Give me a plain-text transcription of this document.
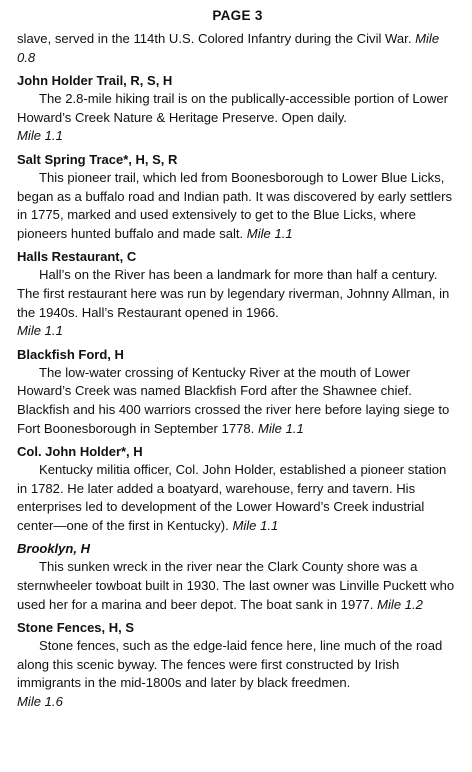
PAGE 3

slave, served in the 114th U.S. Colored Infantry during the Civil War. Mile 0.8

John Holder Trail, R, S, H

The 2.8-mile hiking trail is on the publically-accessible portion of Lower Howard’s Creek Nature & Heritage Preserve. Open daily.
Mile 1.1

Salt Spring Trace*, H, S, R

This pioneer trail, which led from Boonesborough to Lower Blue Licks, began as a buffalo road and Indian path. It was discovered by early settlers in 1775, marked and used extensively to get to the Blue Licks, where pioneers hunted buffalo and made salt. Mile 1.1

Halls Restaurant, C

Hall’s on the River has been a landmark for more than half a century. The first restaurant here was run by legendary riverman, Johnny Allman, in the 1940s. Hall’s Restaurant opened in 1966.
Mile 1.1

Blackfish Ford, H

The low-water crossing of Kentucky River at the mouth of Lower Howard’s Creek was named Blackfish Ford after the Shawnee chief. Blackfish and his 400 warriors crossed the river here before laying siege to Fort Boonesborough in September 1778. Mile 1.1

Col. John Holder*, H

Kentucky militia officer, Col. John Holder, established a pioneer station in 1782. He later added a boatyard, warehouse, ferry and tavern. His enterprises led to development of the Lower Howard’s Creek industrial center—one of the first in Kentucky). Mile 1.1

Brooklyn, H

This sunken wreck in the river near the Clark County shore was a sternwheeler towboat built in 1930. The last owner was Linville Puckett who used her for a marina and beer depot. The boat sank in 1977. Mile 1.2

Stone Fences, H, S

Stone fences, such as the edge-laid fence here, line much of the road along this scenic byway. The fences were first constructed by Irish immigrants in the mid-1800s and later by black freedmen.
Mile 1.6
